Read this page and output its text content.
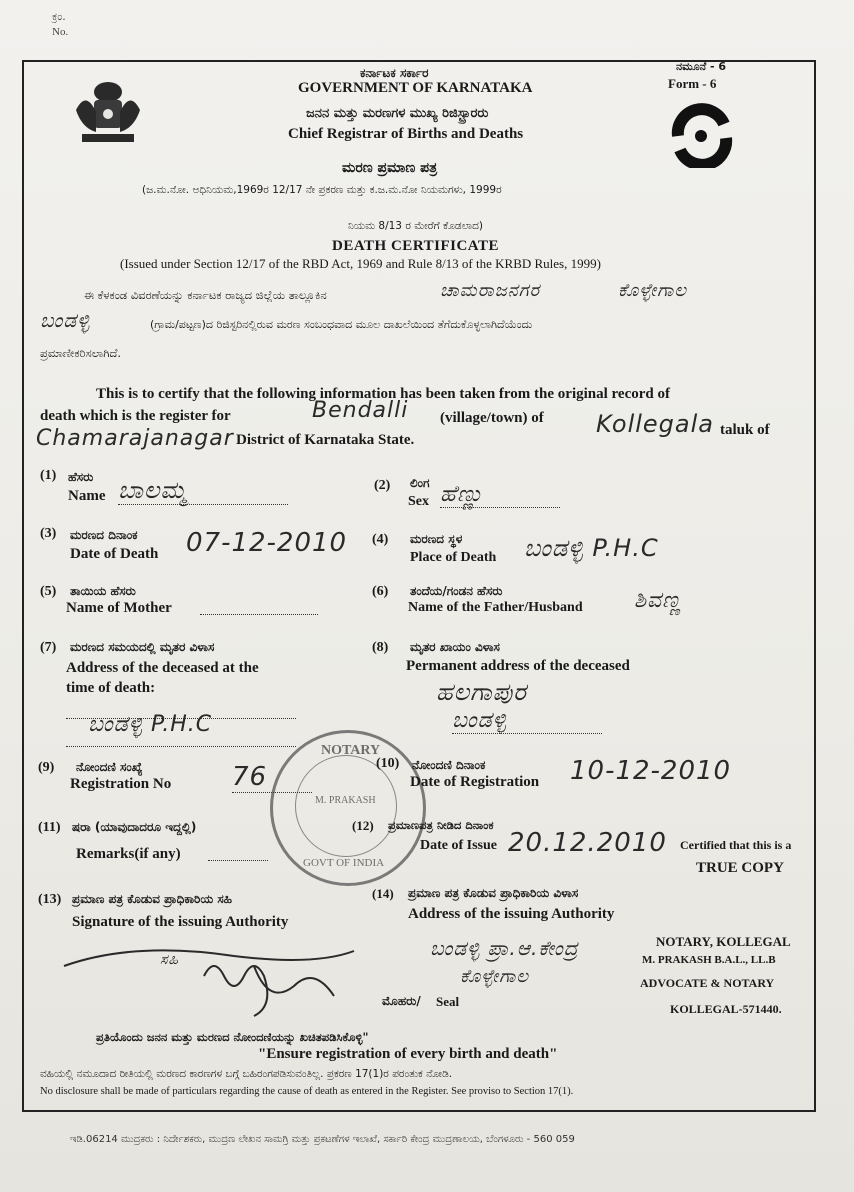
ಕ್ರಂ.
No.
ಕರ್ನಾಟಕ ಸರ್ಕಾರ
GOVERNMENT OF KARNATAKA
ಜನನ ಮತ್ತು ಮರಣಗಳ ಮುಖ್ಯ ರಿಜಿಸ್ಟ್ರಾರರು
Chief Registrar of Births and Deaths
ಮರಣ ಪ್ರಮಾಣ ಪತ್ರ
(ಜ.ಮ.ನೋ. ಅಧಿನಿಯಮ,1969ರ 12/17 ನೇ ಪ್ರಕರಣ ಮತ್ತು ಕ.ಜ.ಮ.ನೋ ನಿಯಮಗಳು, 1999ರ
ನಿಯಮ 8/13 ರ ಮೇರೆಗೆ ಕೊಡಲಾದ)
DEATH CERTIFICATE
(Issued under Section 12/17 of the RBD Act, 1969 and Rule 8/13 of the KRBD Rules, 1999)
ನಮೂನೆ - 6
Form - 6
ಈ ಕೆಳಕಂಡ ವಿವರಣೆಯನ್ನು ಕರ್ನಾಟಕ ರಾಜ್ಯದ ಜಿಲ್ಲೆಯ ತಾಲ್ಲೂಕಿನ	ಚಾಮರಾಜನಗರ	ಕೊಳ್ಳೇಗಾಲ
ಬಂಡಳ್ಳಿ	(ಗ್ರಾಮ/ಪಟ್ಟಣ)ದ ರಿಜಿಸ್ಟರಿನಲ್ಲಿರುವ ಮರಣ ಸಂಬಂಧವಾದ ಮೂಲ ದಾಖಲೆಯಿಂದ ತೆಗೆದುಕೊಳ್ಳಲಾಗಿದೆಯೆಂದು
ಪ್ರಮಾಣೀಕರಿಸಲಾಗಿದೆ.
This is to certify that the following information has been taken from the original record of
death which is the register for	Bendalli (village/town) of Kollegala taluk of
Chamarajanagar District of Karnataka State.
(1) ಹೆಸರು
Name ಬಾಲಮ್ಮ	(2) ಲಿಂಗ
Sex ಹೆಣ್ಣು
(3) ಮರಣದ ದಿನಾಂಕ
Date of Death 07-12-2010 (4) ಮರಣದ ಸ್ಥಳ
Place of Death ಬಂಡಳ್ಳಿ P.H.C
(5) ತಾಯಿಯ ಹೆಸರು
Name of Mother
(6) ತಂದೆಯ/ಗಂಡನ ಹೆಸರು
Name of the Father/Husband ಶಿವಣ್ಣ
(7) ಮರಣದ ಸಮಯದಲ್ಲಿ ಮೃತರ ವಿಳಾಸ
Address of the deceased at the
time of death:
ಬಂಡಳ್ಳಿ P.H.C
(8) ಮೃತರ ಖಾಯಂ ವಿಳಾಸ
Permanent address of the deceased
ಹಲಗಾಪುರ
ಬಂಡಳ್ಳಿ
NOTARY
M. PRAKASH
GOVT OF INDIA
(9) ನೋಂದಣಿ ಸಂಖ್ಯೆ
Registration No 76	(10) ನೋಂದಣಿ ದಿನಾಂಕ
Date of Registration 10-12-2010
(11) ಷರಾ (ಯಾವುದಾದರೂ ಇದ್ದಲ್ಲಿ)
Remarks(if any)
(12) ಪ್ರಮಾಣಪತ್ರ ನೀಡಿದ ದಿನಾಂಕ
Date of Issue 20.12.2010 Certified that this is a
TRUE COPY
(13) ಪ್ರಮಾಣ ಪತ್ರ ಕೊಡುವ ಪ್ರಾಧಿಕಾರಿಯ ಸಹಿ
Signature of the issuing Authority
(14) ಪ್ರಮಾಣ ಪತ್ರ ಕೊಡುವ ಪ್ರಾಧಿಕಾರಿಯ ವಿಳಾಸ
Address of the issuing Authority
ಬಂಡಳ್ಳಿ ಪ್ರಾ.ಆ.ಕೇಂದ್ರ
ಕೊಳ್ಳೇಗಾಲ
ಸಹಿ
ಮೊಹರು/ Seal
NOTARY, KOLLEGAL
M. PRAKASH B.A.L., LL.B
ADVOCATE & NOTARY
KOLLEGAL-571440.
ಪ್ರತಿಯೊಂದು ಜನನ ಮತ್ತು ಮರಣದ ನೋಂದಣಿಯನ್ನು ಖಚಿತಪಡಿಸಿಕೊಳ್ಳಿ"
"Ensure registration of every birth and death"
ವಹಿಯಲ್ಲಿ ನಮೂದಾದ ರೀತಿಯಲ್ಲಿ ಮರಣದ ಕಾರಣಗಳ ಬಗ್ಗೆ ಬಹಿರಂಗಪಡಿಸುವಂತಿಲ್ಲ. ಪ್ರಕರಣ 17(1)ರ ಪರಂತುಕ ನೋಡಿ.
No disclosure shall be made of particulars regarding the cause of death as entered in the Register. See proviso to Section 17(1).
ಇಡಿ.06214 ಮುದ್ರಕರು : ನಿರ್ದೇಶಕರು, ಮುದ್ರಣ ಲೇಖನ ಸಾಮಗ್ರಿ ಮತ್ತು ಪ್ರಕಟಣೆಗಳ ಇಲಾಖೆ, ಸರ್ಕಾರಿ ಕೇಂದ್ರ ಮುದ್ರಣಾಲಯ, ಬೆಂಗಳೂರು - 560 059
